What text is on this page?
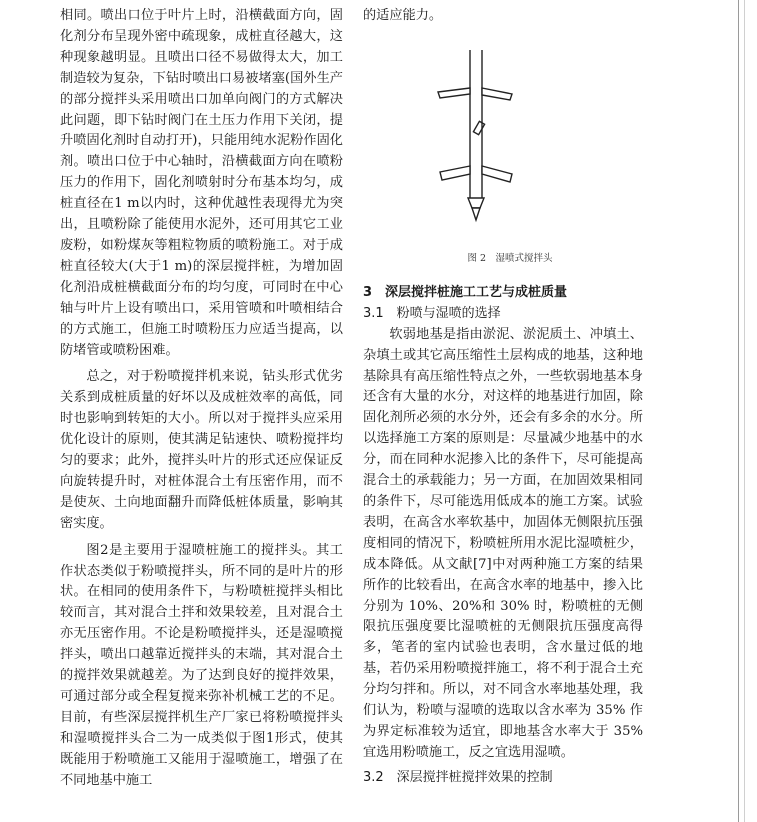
相同。喷出口位于叶片上时，沿横截面方向，固化剂分布呈现外密中疏现象，成桩直径越大，这种现象越明显。且喷出口径不易做得太大，加工制造较为复杂，下钻时喷出口易被堵塞(国外生产的部分搅拌头采用喷出口加单向阀门的方式解决此问题，即下钻时阀门在土压力作用下关闭，提升喷固化剂时自动打开)，只能用纯水泥粉作固化剂。喷出口位于中心轴时，沿横截面方向在喷粉压力的作用下，固化剂喷射时分布基本均匀，成桩直径在1 m以内时，这种优越性表现得尤为突出，且喷粉除了能使用水泥外，还可用其它工业废粉，如粉煤灰等粗粒物质的喷粉施工。对于成桩直径较大(大于1 m)的深层搅拌桩，为增加固化剂沿成桩横截面分布的均匀度，可同时在中心轴与叶片上设有喷出口，采用管喷和叶喷相结合的方式施工，但施工时喷粉压力应适当提高，以防堵管或喷粉困难。

总之，对于粉喷搅拌机来说，钻头形式优劣关系到成桩质量的好坏以及成桩效率的高低，同时也影响到转矩的大小。所以对于搅拌头应采用优化设计的原则，使其满足钻速快、喷粉搅拌均匀的要求；此外，搅拌头叶片的形式还应保证反向旋转提升时，对桩体混合土有压密作用，而不是使灰、土向地面翻升而降低桩体质量，影响其密实度。

图2是主要用于湿喷桩施工的搅拌头。其工作状态类似于粉喷搅拌头，所不同的是叶片的形状。在相同的使用条件下，与粉喷桩搅拌头相比较而言，其对混合土拌和效果较差，且对混合土亦无压密作用。不论是粉喷搅拌头，还是湿喷搅拌头，喷出口越靠近搅拌头的末端，其对混合土的搅拌效果就越差。为了达到良好的搅拌效果，可通过部分或全程复搅来弥补机械工艺的不足。目前，有些深层搅拌机生产厂家已将粉喷搅拌头和湿喷搅拌头合二为一成类似于图1形式，使其既能用于粉喷施工又能用于湿喷施工，增强了在不同地基中施工

的适应能力。

3　深层搅拌桩施工工艺与成桩质量

3.1　粉喷与湿喷的选择

软弱地基是指由淤泥、淤泥质土、冲填土、杂填土或其它高压缩性土层构成的地基，这种地基除具有高压缩性特点之外，一些软弱地基本身还含有大量的水分，对这样的地基进行加固，除固化剂所必须的水分外，还会有多余的水分。所以选择施工方案的原则是：尽量减少地基中的水分，而在同种水泥掺入比的条件下，尽可能提高混合土的承载能力；另一方面，在加固效果相同的条件下，尽可能选用低成本的施工方案。试验表明，在高含水率软基中，加固体无侧限抗压强度相同的情况下，粉喷桩所用水泥比湿喷桩少，成本降低。从文献[7]中对两种施工方案的结果所作的比较看出，在高含水率的地基中，掺入比分别为 10%、20%和 30% 时，粉喷桩的无侧限抗压强度要比湿喷桩的无侧限抗压强度高得多，笔者的室内试验也表明，含水量过低的地基，若仍采用粉喷搅拌施工，将不利于混合土充分均匀拌和。所以，对不同含水率地基处理，我们认为，粉喷与湿喷的选取以含水率为 35% 作为界定标准较为适宜，即地基含水率大于 35% 宜选用粉喷施工，反之宜选用湿喷。

3.2　深层搅拌桩搅拌效果的控制

图 2　湿喷式搅拌头
